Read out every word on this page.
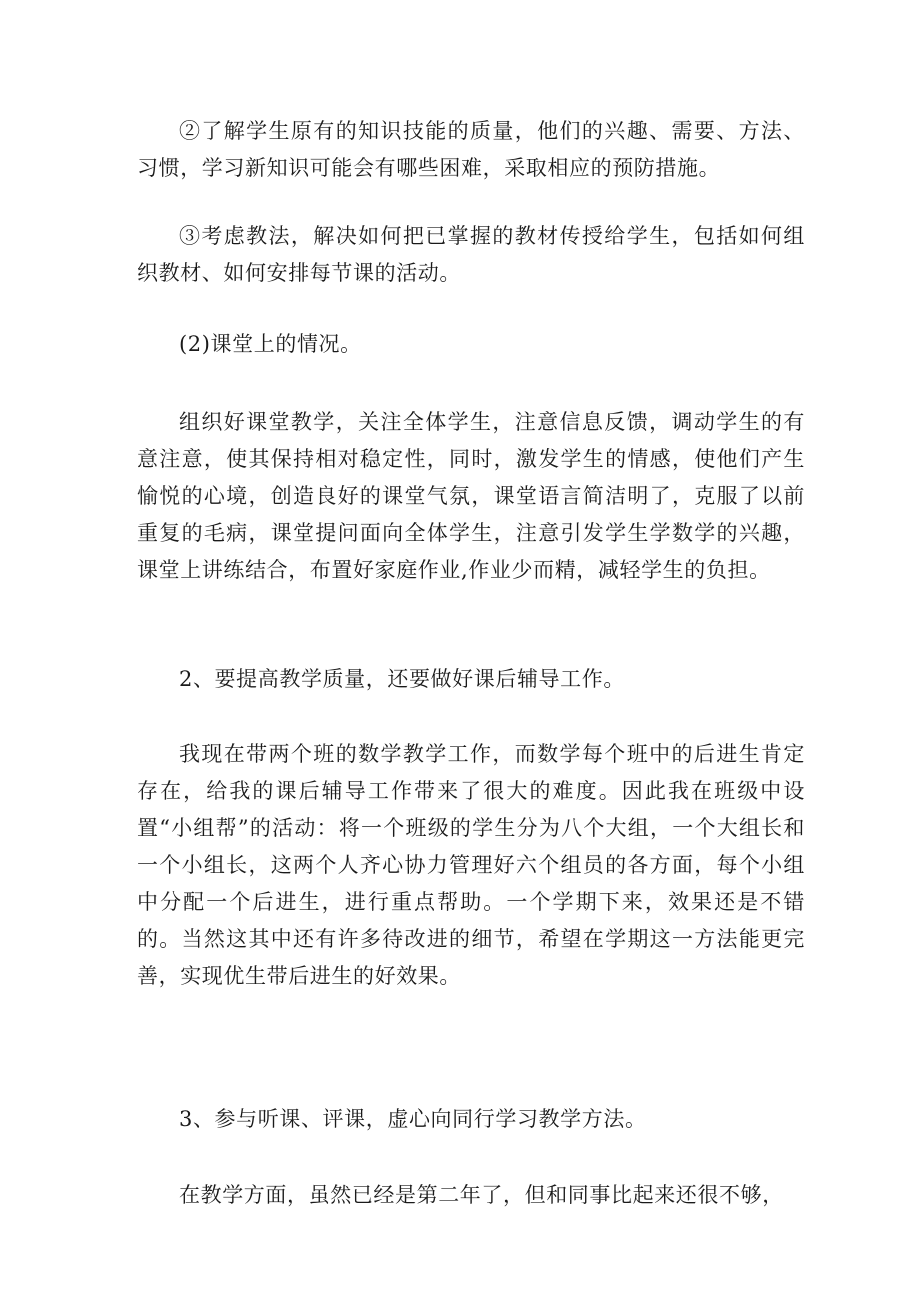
②了解学生原有的知识技能的质量，他们的兴趣、需要、方法、习惯，学习新知识可能会有哪些困难，采取相应的预防措施。

③考虑教法，解决如何把已掌握的教材传授给学生，包括如何组织教材、如何安排每节课的活动。

(2)课堂上的情况。

组织好课堂教学，关注全体学生，注意信息反馈，调动学生的有意注意，使其保持相对稳定性，同时，激发学生的情感，使他们产生愉悦的心境，创造良好的课堂气氛，课堂语言简洁明了，克服了以前重复的毛病，课堂提问面向全体学生，注意引发学生学数学的兴趣，课堂上讲练结合，布置好家庭作业,作业少而精，减轻学生的负担。

2、要提高教学质量，还要做好课后辅导工作。

我现在带两个班的数学教学工作，而数学每个班中的后进生肯定存在，给我的课后辅导工作带来了很大的难度。因此我在班级中设置“小组帮”的活动：将一个班级的学生分为八个大组，一个大组长和一个小组长，这两个人齐心协力管理好六个组员的各方面，每个小组中分配一个后进生，进行重点帮助。一个学期下来，效果还是不错的。当然这其中还有许多待改进的细节，希望在学期这一方法能更完善，实现优生带后进生的好效果。

3、参与听课、评课，虚心向同行学习教学方法。

在教学方面，虽然已经是第二年了，但和同事比起来还很不够，
